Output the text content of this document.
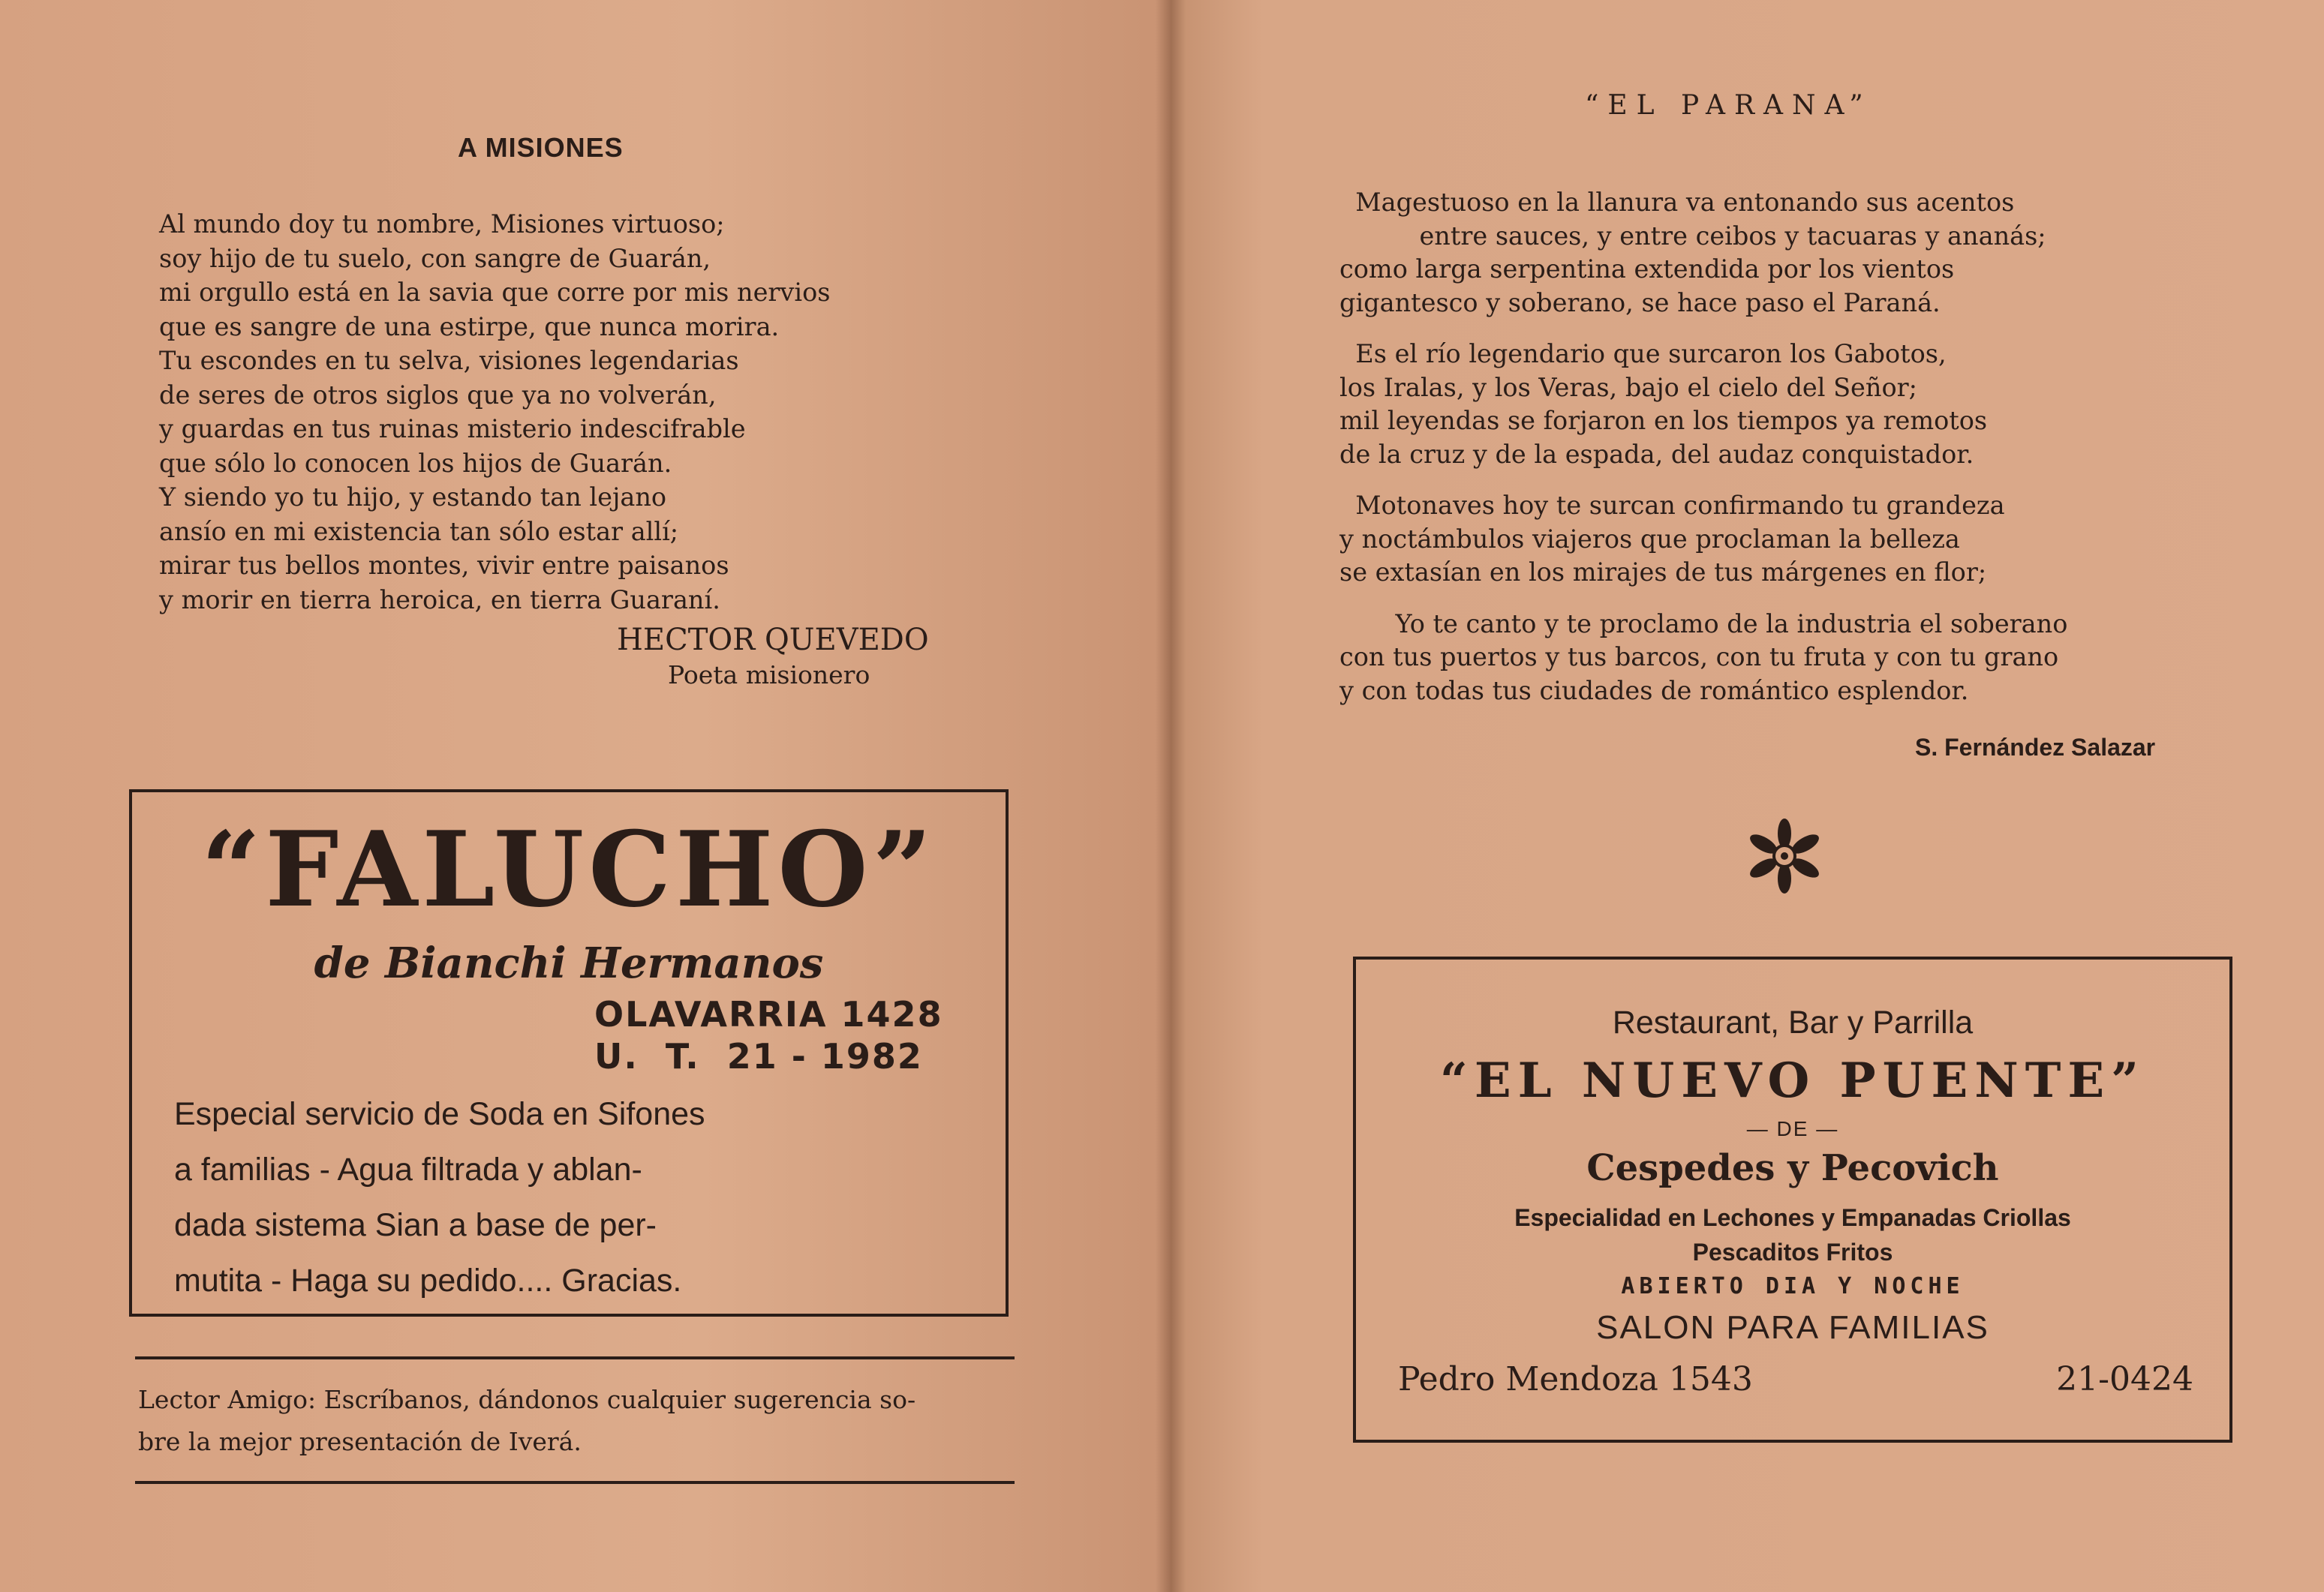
A MISIONES
Al mundo doy tu nombre, Misiones virtuoso;
soy hijo de tu suelo, con sangre de Guarán,
mi orgullo está en la savia que corre por mis nervios
que es sangre de una estirpe, que nunca morira.
Tu escondes en tu selva, visiones legendarias
de seres de otros siglos que ya no volverán,
y guardas en tus ruinas misterio indescifrable
que sólo lo conocen los hijos de Guarán.
Y siendo yo tu hijo, y estando tan lejano
ansío en mi existencia tan sólo estar allí;
mirar tus bellos montes, vivir entre paisanos
y morir en tierra heroica, en tierra Guaraní.
HECTOR QUEVEDO
Poeta misionero
“FALUCHO”
de Bianchi Hermanos
OLAVARRIA 1428
U.  T.  21 - 1982
Especial servicio de Soda en Sifones
a familias - Agua filtrada y ablan-
dada sistema Sian a base de per-
mutita - Haga su pedido.... Gracias.
Lector Amigo: Escríbanos, dándonos cualquier sugerencia so-
bre la mejor presentación de Iverá.
“EL PARANA”
Magestuoso en la llanura va entonando sus acentos
entre sauces, y entre ceibos y tacuaras y ananás;
como larga serpentina extendida por los vientos
gigantesco y soberano, se hace paso el Paraná.

Es el río legendario que surcaron los Gabotos,
los Iralas, y los Veras, bajo el cielo del Señor;
mil leyendas se forjaron en los tiempos ya remotos
de la cruz y de la espada, del audaz conquistador.

Motonaves hoy te surcan confirmando tu grandeza
y noctámbulos viajeros que proclaman la belleza
se extasían en los mirajes de tus márgenes en flor;

Yo te canto y te proclamo de la industria el soberano
con tus puertos y tus barcos, con tu fruta y con tu grano
y con todas tus ciudades de romántico esplendor.
S. Fernández Salazar
Restaurant, Bar y Parrilla
“EL NUEVO PUENTE”
— DE —
Cespedes y Pecovich
Especialidad en Lechones y Empanadas Criollas
Pescaditos Fritos
ABIERTO DIA Y NOCHE
SALON PARA FAMILIAS
Pedro Mendoza 1543	21-0424
